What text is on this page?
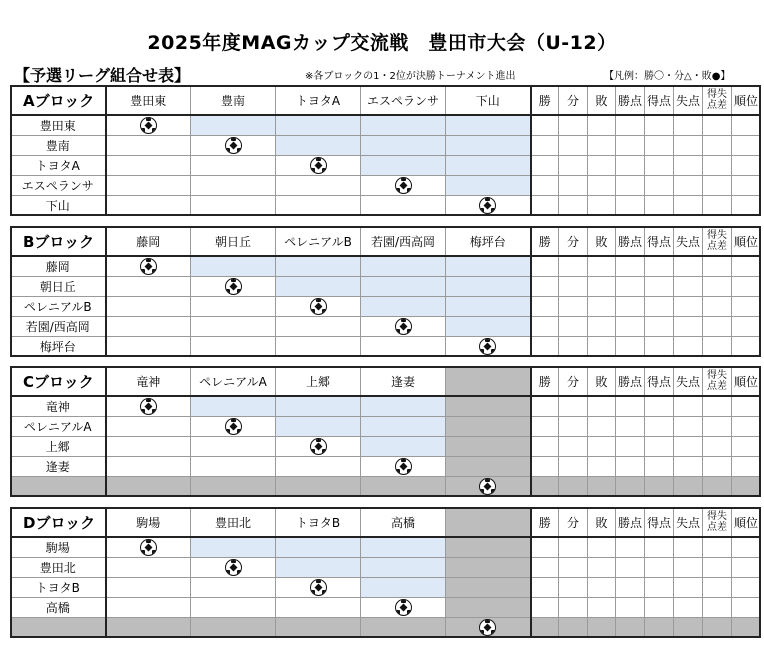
2025年度MAGカップ交流戦　豊田市大会（U-12）
【予選リーグ組合せ表】	※各ブロックの1・2位が決勝トーナメント進出	【凡例：勝〇・分△・敗●】
Aブロック	豊田東	豊南	トヨタA	エスペランサ	下山	勝	分	敗	勝点	得点	失点	得失点差	順位
豊田東													
豊南													
トヨタA													
エスペランサ													
下山													
Bブロック	藤岡	朝日丘	ペレニアルB	若園/西高岡	梅坪台	勝	分	敗	勝点	得点	失点	得失点差	順位
藤岡													
朝日丘													
ペレニアルB													
若園/西高岡													
梅坪台													
Cブロック	竜神	ペレニアルA	上郷	逢妻		勝	分	敗	勝点	得点	失点	得失点差	順位
竜神													
ペレニアルA													
上郷													
逢妻													

Dブロック	駒場	豊田北	トヨタB	高橋		勝	分	敗	勝点	得点	失点	得失点差	順位
駒場													
豊田北													
トヨタB													
高橋													
